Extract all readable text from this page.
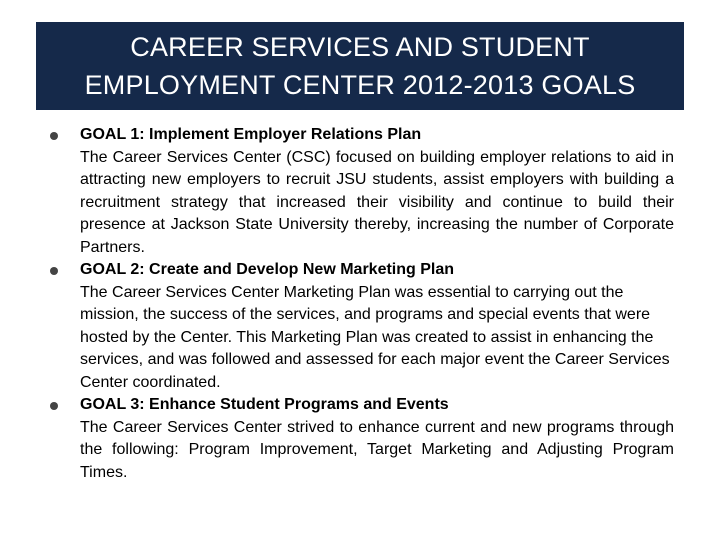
CAREER SERVICES AND STUDENT
EMPLOYMENT CENTER 2012-2013 GOALS
GOAL 1: Implement Employer Relations Plan
The Career Services Center (CSC) focused on building employer relations to aid in attracting new employers to recruit JSU students, assist employers with building a recruitment strategy that increased their visibility and continue to build their presence at Jackson State University thereby, increasing the number of Corporate Partners.
GOAL 2: Create and Develop New Marketing Plan
The Career Services Center Marketing Plan was essential to carrying out the mission, the success of the services, and programs and special events that were hosted by the Center. This Marketing Plan was created to assist in enhancing the services, and was followed and assessed for each major event the Career Services Center coordinated.
GOAL 3: Enhance Student Programs and Events
The Career Services Center strived to enhance current and new programs through the following: Program Improvement, Target Marketing and Adjusting Program Times.
